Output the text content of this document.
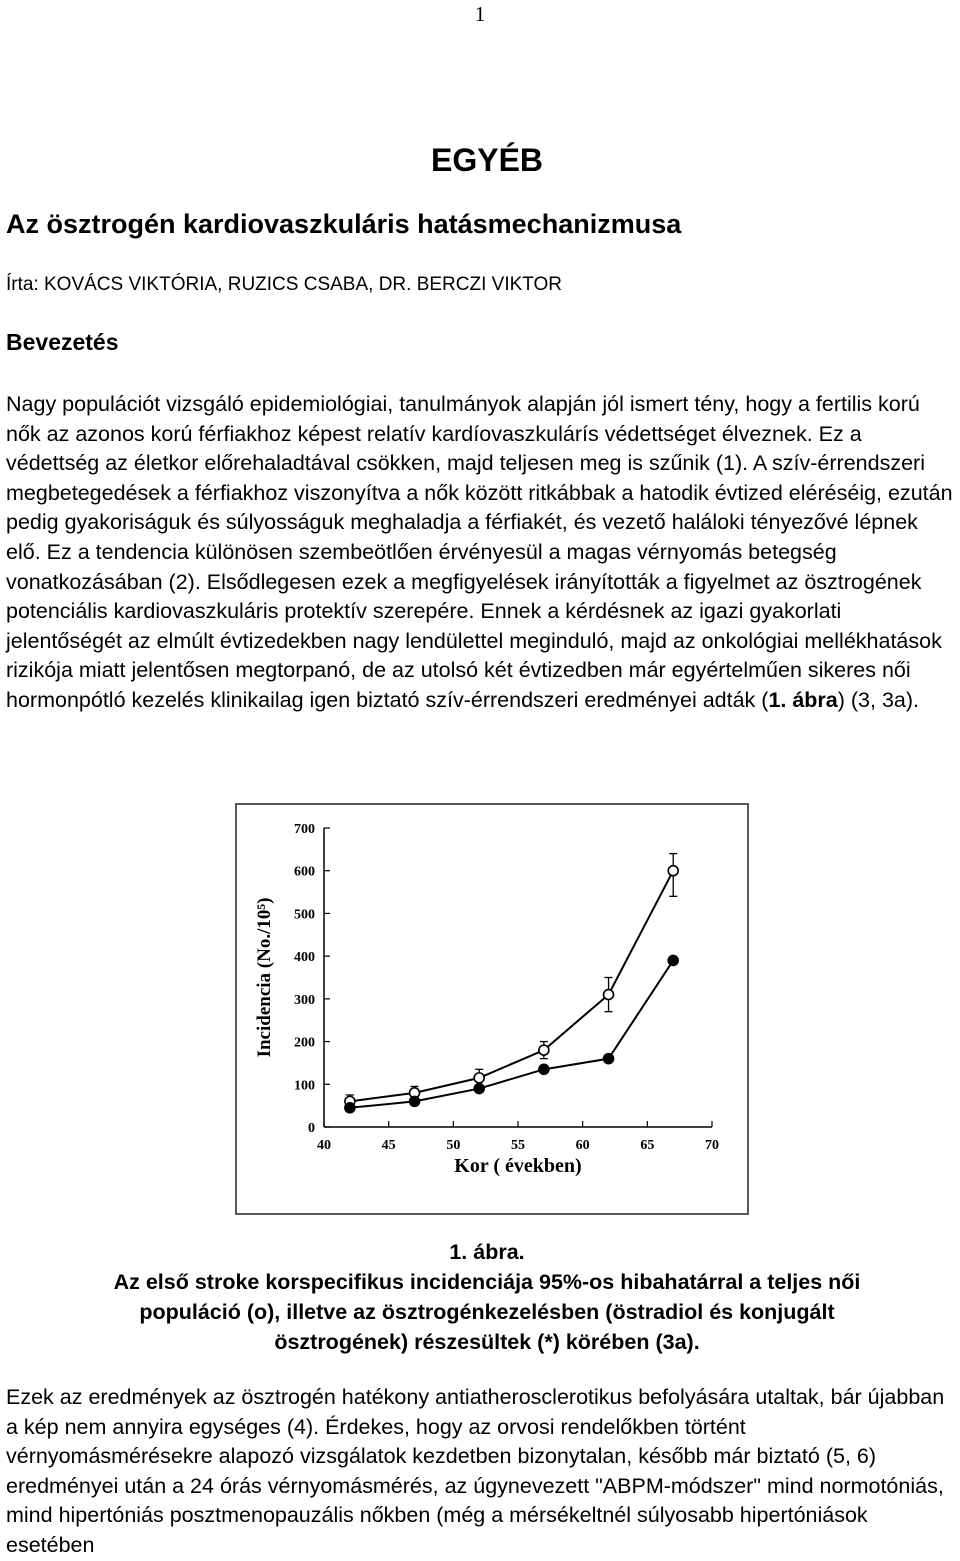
1
EGYÉB
Az ösztrogén kardiovaszkuláris hatásmechanizmusa
Írta: KOVÁCS VIKTÓRIA, RUZICS CSABA, DR. BERCZI VIKTOR
Bevezetés
Nagy populációt vizsgáló epidemiológiai, tanulmányok alapján jól ismert tény, hogy a fertilis korú nők az azonos korú férfiakhoz képest relatív kardíovaszkulárís védettséget élveznek. Ez a védettség az életkor előrehaladtával csökken, majd teljesen meg is szűnik (1). A szív-érrendszeri megbetegedések a férfiakhoz viszonyítva a nők között ritkábbak a hatodik évtized eléréséig, ezután pedig gyakoriságuk és súlyosságuk meghaladja a férfiakét, és vezető haláloki tényezővé lépnek elő. Ez a tendencia különösen szembeötlően érvényesül a magas vérnyomás betegség vonatkozásában (2). Elsődlegesen ezek a megfigyelések irányították a figyelmet az ösztrogének potenciális kardiovaszkuláris protektív szerepére. Ennek a kérdésnek az igazi gyakorlati jelentőségét az elmúlt évtizedekben nagy lendülettel meginduló, majd az onkológiai mellékhatások rizikója miatt jelentősen megtorpanó, de az utolsó két évtizedben már egyértelműen sikeres női hormonpótló kezelés klinikailag igen biztató szív-érrendszeri eredményei adták (1. ábra) (3, 3a).
0
100
200
300
400
500
600
700
40	45	50	55	60	65	70
Kor ( években)
Incidencia (No./10⁵)
1. ábra.
Az első stroke korspecifikus incidenciája 95%-os hibahatárral a teljes női
populáció (o), illetve az ösztrogénkezelésben (östradiol és konjugált
ösztrogének) részesültek (*) körében (3a).
Ezek az eredmények az ösztrogén hatékony antiatherosclerotikus befolyására utaltak, bár újabban a kép nem annyira egységes (4). Érdekes, hogy az orvosi rendelőkben történt vérnyomásmérésekre alapozó vizsgálatok kezdetben bizonytalan, később már biztató (5, 6) eredményei után a 24 órás vérnyomásmérés, az úgynevezett "ABPM-módszer" mind normotóniás, mind hipertóniás posztmenopauzális nőkben (még a mérsékeltnél súlyosabb hipertóniások esetében
